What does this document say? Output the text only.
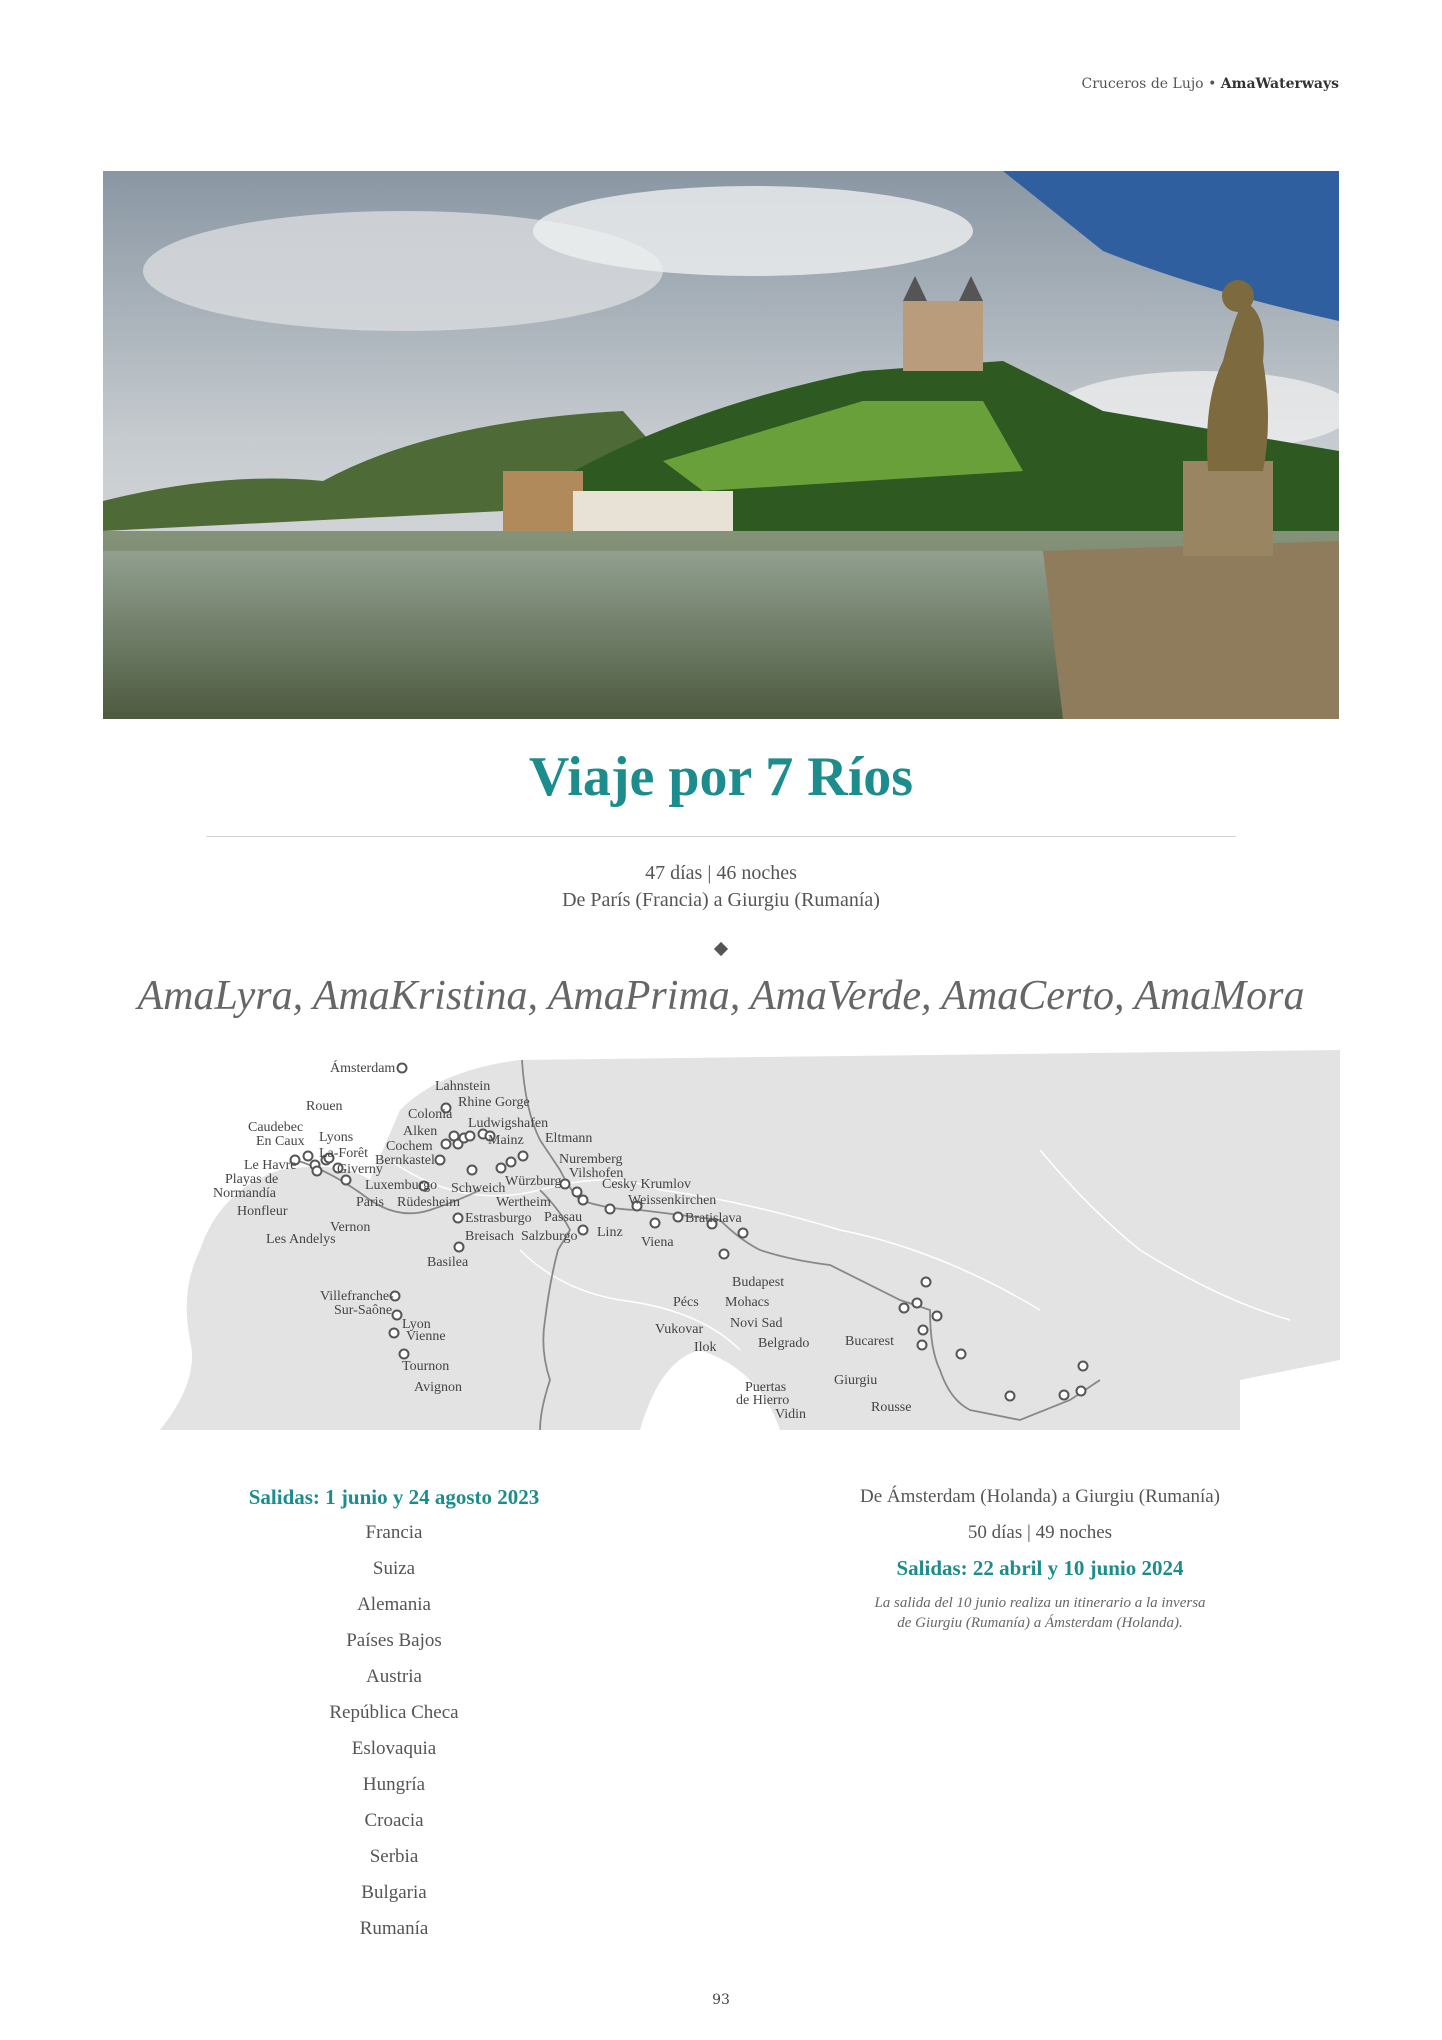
Cruceros de Lujo • AmaWaterways
Viaje por 7 Ríos
47 días | 46 noches
De París (Francia) a Giurgiu (Rumanía)
AmaLyra, AmaKristina, AmaPrima, AmaVerde, AmaCerto, AmaMora
Ámsterdam
Lahnstein
Rhine Gorge
Rouen
Colonia
Ludwigshafen
Caudebec
En Caux Lyons
La-Forêt
Alken
Mainz Eltmann
Le Havre
Cochem
Bernkastel
Giverny
Nuremberg
Vilshofen
Playas de
Normandía
Luxemburgo Schweich Würzburg	Cesky Krumlov
Honfleur
Paris Rüdesheim	Wertheim	Weissenkirchen
Vernon
Estrasburgo Passau	Bratislava
Les Andelys	Breisach Salzburgo Linz
Viena
Basilea
Budapest
Villefranche-
Sur-Saône
Pécs Mohacs
Lyon	Novi Sad
Vienne	Vukovar
Bucarest
Ilok	Belgrado
Tournon
Giurgiu
Puertas
de Hierro
Avignon
Rousse
Vidin
Salidas: 1 junio y 24 agosto 2023
Francia
Suiza
Alemania
Países Bajos
Austria
República Checa
Eslovaquia
Hungría
Croacia
Serbia
Bulgaria
Rumanía
De Ámsterdam (Holanda) a Giurgiu (Rumanía)
50 días | 49 noches
Salidas: 22 abril y 10 junio 2024
La salida del 10 junio realiza un itinerario a la inversa
de Giurgiu (Rumanía) a Ámsterdam (Holanda).
93
